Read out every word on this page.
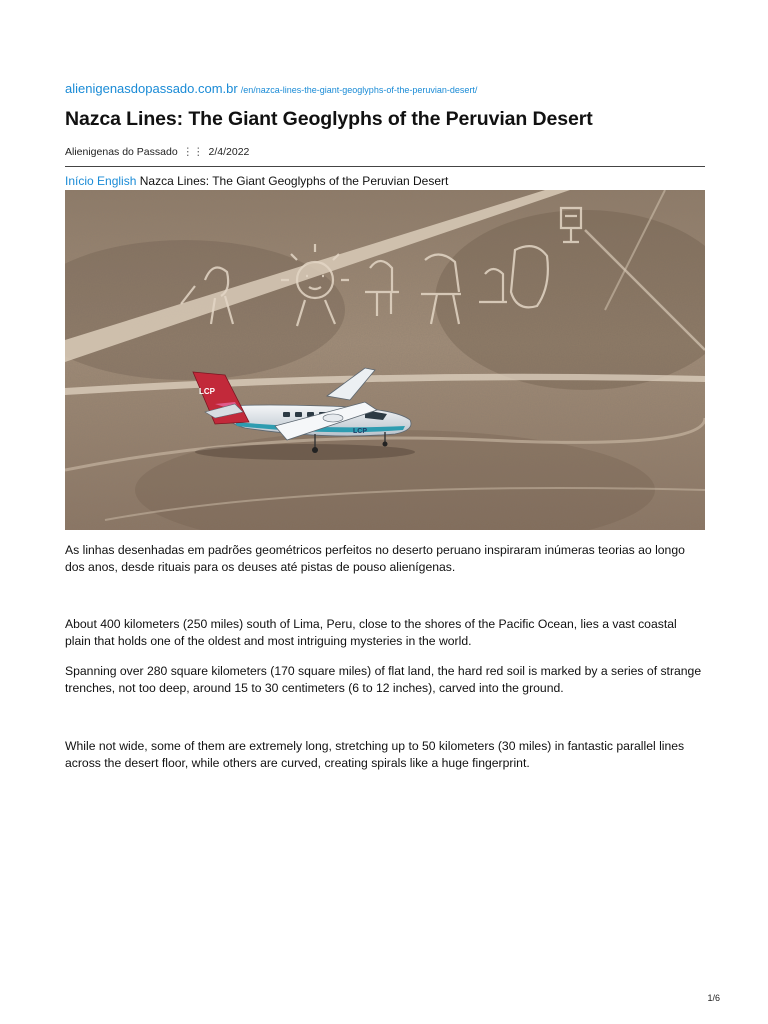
alienigenasdopassado.com.br /en/nazca-lines-the-giant-geoglyphs-of-the-peruvian-desert/
Nazca Lines: The Giant Geoglyphs of the Peruvian Desert
Alienigenas do Passado ⋮⋮ 2/4/2022
Início English Nazca Lines: The Giant Geoglyphs of the Peruvian Desert
LCP
LCP

As linhas desenhadas em padrões geométricos perfeitos no deserto peruano inspiraram inúmeras teorias ao longo dos anos, desde rituais para os deuses até pistas de pouso alienígenas.

About 400 kilometers (250 miles) south of Lima, Peru, close to the shores of the Pacific Ocean, lies a vast coastal plain that holds one of the oldest and most intriguing mysteries in the world.

Spanning over 280 square kilometers (170 square miles) of flat land, the hard red soil is marked by a series of strange trenches, not too deep, around 15 to 30 centimeters (6 to 12 inches), carved into the ground.

While not wide, some of them are extremely long, stretching up to 50 kilometers (30 miles) in fantastic parallel lines across the desert floor, while others are curved, creating spirals like a huge fingerprint.

1/6
